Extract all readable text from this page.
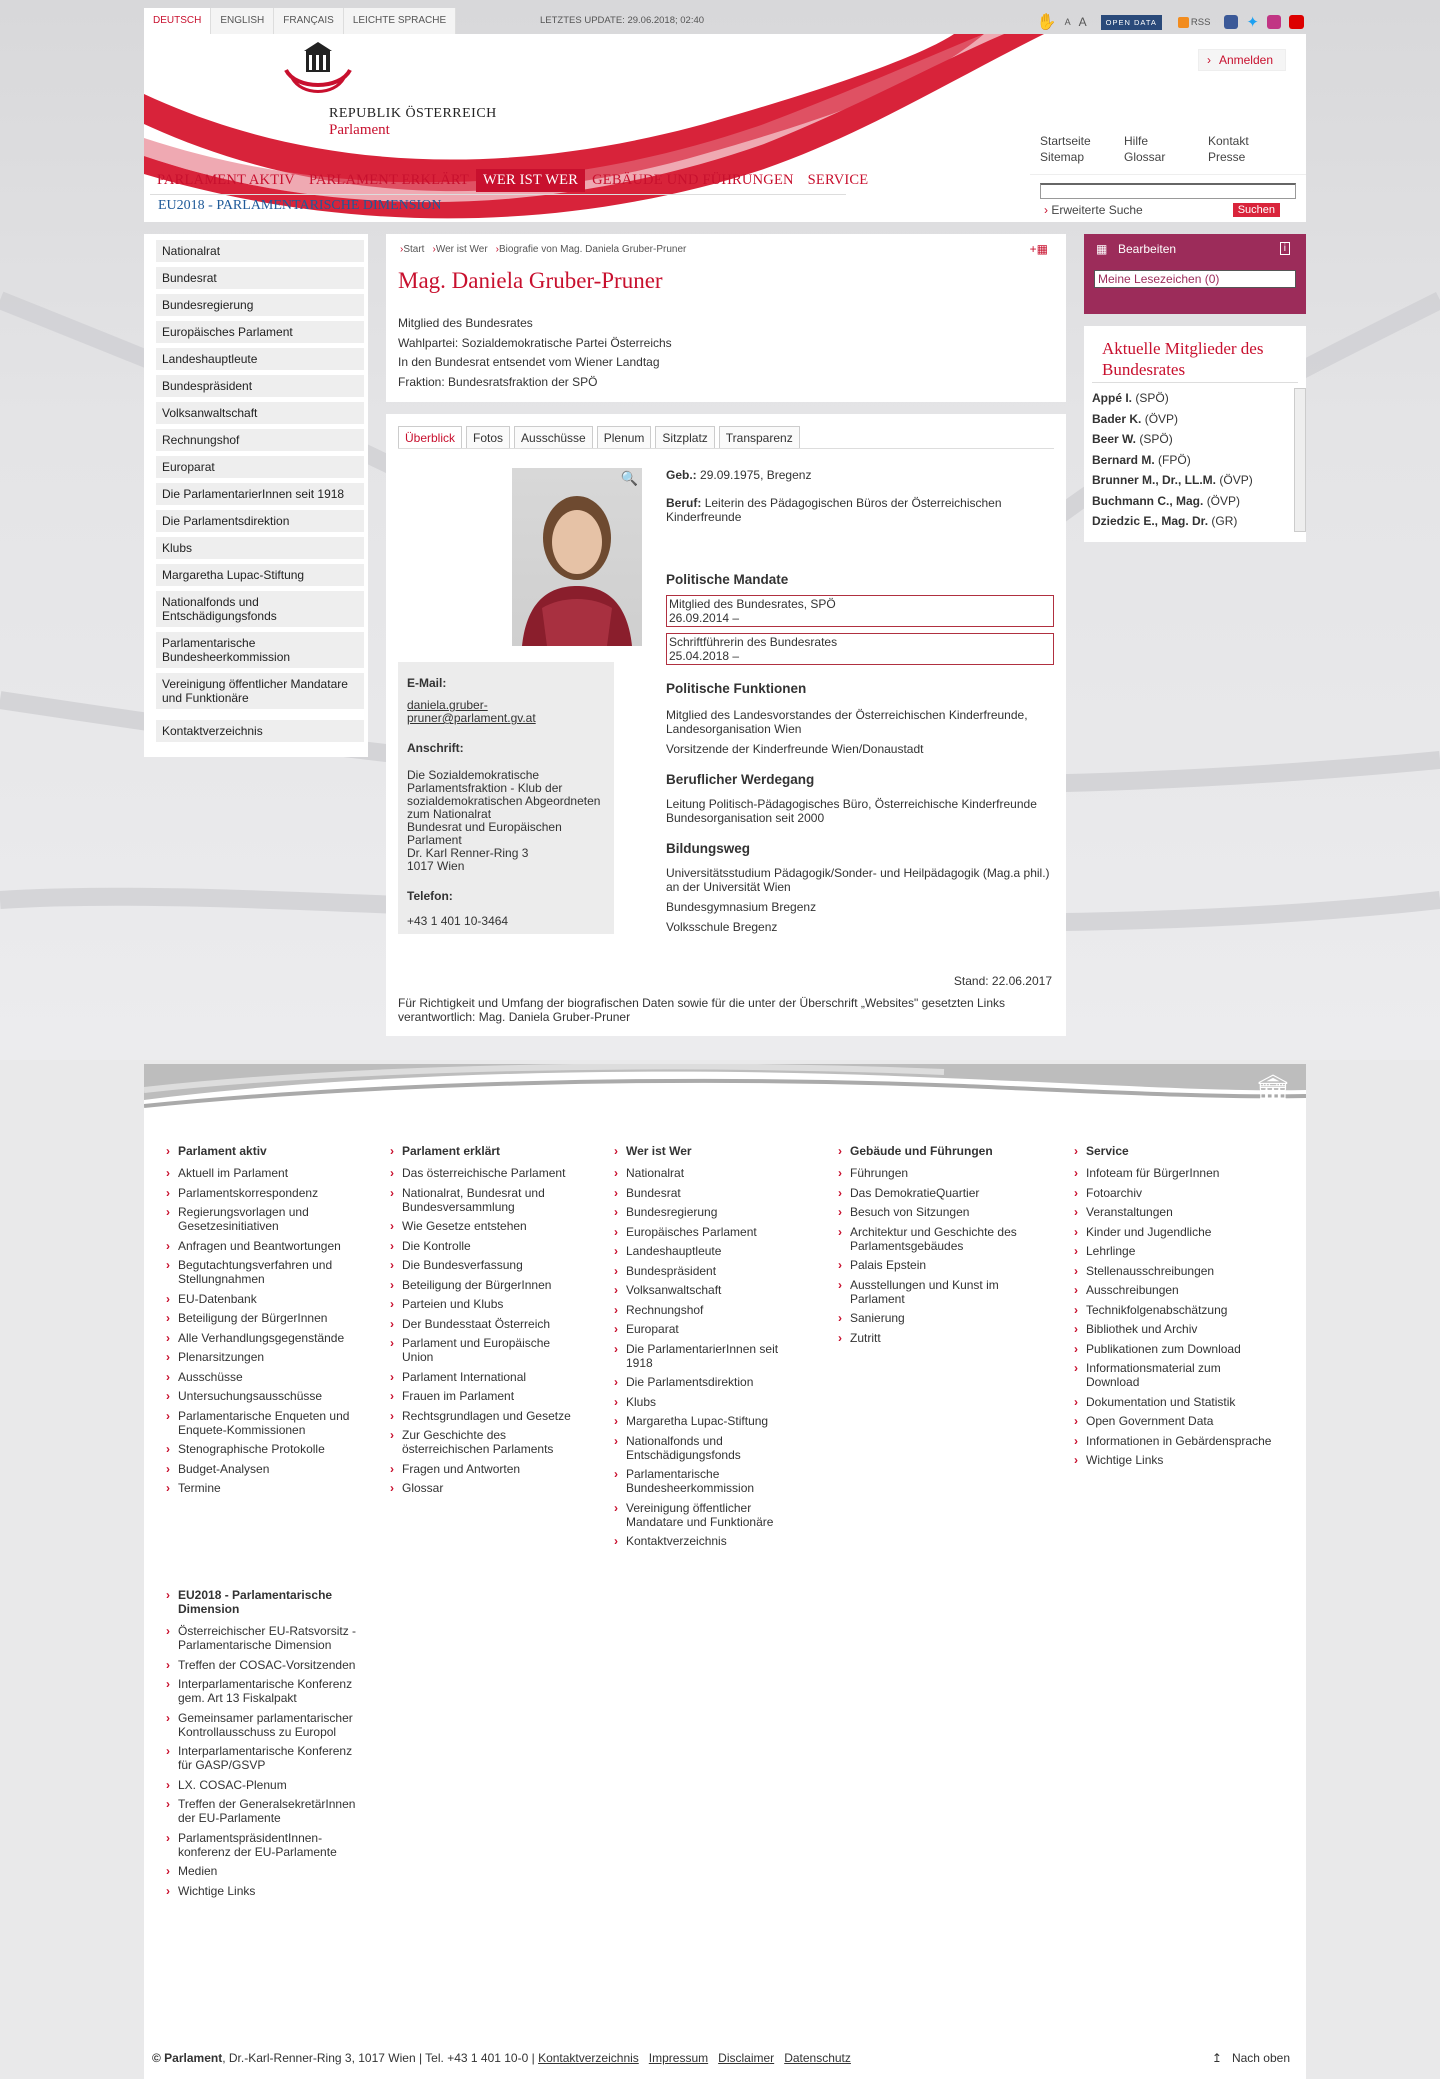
DEUTSCH	ENGLISH	FRANÇAIS	LEICHTE SPRACHE	LETZTES UPDATE: 29.06.2018; 02:40	✋ A A	OPEN DATA	RSS ✦
REPUBLIK ÖSTERREICH
Parlament
› Anmelden
Startseite	Hilfe	Kontakt
Sitemap	Glossar	Presse
PARLAMENT AKTIV PARLAMENT ERKLÄRT WER IST WER GEBÄUDE UND FÜHRUNGEN SERVICE
EU2018 - PARLAMENTARISCHE DIMENSION	› Erweiterte Suche	Suchen
Nationalrat
Bundesrat
Bundesregierung
Europäisches Parlament
Landeshauptleute
Bundespräsident
Volksanwaltschaft
Rechnungshof
Europarat
Die ParlamentarierInnen seit 1918
Die Parlamentsdirektion
Klubs
Margaretha Lupac-Stiftung
Nationalfonds und Entschädigungsfonds
Parlamentarische Bundesheerkommission
Vereinigung öffentlicher Mandatare und Funktionäre
Kontaktverzeichnis
› Start	› Wer ist Wer	› Biografie von Mag. Daniela Gruber-Pruner	+▦
Mag. Daniela Gruber-Pruner
Mitglied des Bundesrates
Wahlpartei: Sozialdemokratische Partei Österreichs
In den Bundesrat entsendet vom Wiener Landtag
Fraktion: Bundesratsfraktion der SPÖ
Überblick	Fotos	Ausschüsse	Plenum	Sitzplatz	Transparenz
🔍
E-Mail:
daniela.gruber-pruner@parlament.gv.at
Anschrift:
Die Sozialdemokratische Parlamentsfraktion - Klub der sozialdemokratischen Abgeordneten zum Nationalrat
Bundesrat und Europäischen Parlament
Dr. Karl Renner-Ring 3
1017 Wien
Telefon:
+43 1 401 10-3464
Geb.: 29.09.1975, Bregenz
Beruf: Leiterin des Pädagogischen Büros der Österreichischen Kinderfreunde
Politische Mandate
Mitglied des Bundesrates, SPÖ
26.09.2014 –
Schriftführerin des Bundesrates
25.04.2018 –
Politische Funktionen
Mitglied des Landesvorstandes der Österreichischen Kinderfreunde, Landesorganisation Wien
Vorsitzende der Kinderfreunde Wien/Donaustadt
Beruflicher Werdegang
Leitung Politisch-Pädagogisches Büro, Österreichische Kinderfreunde Bundesorganisation seit 2000
Bildungsweg
Universitätsstudium Pädagogik/Sonder- und Heilpädagogik (Mag.a phil.) an der Universität Wien
Bundesgymnasium Bregenz
Volksschule Bregenz
Stand: 22.06.2017
Für Richtigkeit und Umfang der biografischen Daten sowie für die unter der Überschrift „Websites" gesetzten Links verantwortlich: Mag. Daniela Gruber-Pruner
▦ Bearbeiten	i
Meine Lesezeichen (0)
Aktuelle Mitglieder des Bundesrates
Appé I. (SPÖ)
Bader K. (ÖVP)
Beer W. (SPÖ)
Bernard M. (FPÖ)
Brunner M., Dr., LL.M. (ÖVP)
Buchmann C., Mag. (ÖVP)
Dziedzic E., Mag. Dr. (GR)
🏛
› Parlament aktiv
› Aktuell im Parlament
› Parlamentskorrespondenz
› Regierungsvorlagen und Gesetzesinitiativen
› Anfragen und Beantwortungen
› Begutachtungsverfahren und Stellungnahmen
› EU-Datenbank
› Beteiligung der BürgerInnen
› Alle Verhandlungsgegenstände
› Plenarsitzungen
› Ausschüsse
› Untersuchungsausschüsse
› Parlamentarische Enqueten und Enquete-Kommissionen
› Stenographische Protokolle
› Budget-Analysen
› Termine
› Parlament erklärt
› Das österreichische Parlament
› Nationalrat, Bundesrat und Bundesversammlung
› Wie Gesetze entstehen
› Die Kontrolle
› Die Bundesverfassung
› Beteiligung der BürgerInnen
› Parteien und Klubs
› Der Bundesstaat Österreich
› Parlament und Europäische Union
› Parlament International
› Frauen im Parlament
› Rechtsgrundlagen und Gesetze
› Zur Geschichte des österreichischen Parlaments
› Fragen und Antworten
› Glossar
› Wer ist Wer
› Nationalrat
› Bundesrat
› Bundesregierung
› Europäisches Parlament
› Landeshauptleute
› Bundespräsident
› Volksanwaltschaft
› Rechnungshof
› Europarat
› Die ParlamentarierInnen seit 1918
› Die Parlamentsdirektion
› Klubs
› Margaretha Lupac-Stiftung
› Nationalfonds und Entschädigungsfonds
› Parlamentarische Bundesheerkommission
› Vereinigung öffentlicher Mandatare und Funktionäre
› Kontaktverzeichnis
› Gebäude und Führungen
› Führungen
› Das DemokratieQuartier
› Besuch von Sitzungen
› Architektur und Geschichte des Parlamentsgebäudes
› Palais Epstein
› Ausstellungen und Kunst im Parlament
› Sanierung
› Zutritt
› Service
› Infoteam für BürgerInnen
› Fotoarchiv
› Veranstaltungen
› Kinder und Jugendliche
› Lehrlinge
› Stellenausschreibungen
› Ausschreibungen
› Technikfolgenabschätzung
› Bibliothek und Archiv
› Publikationen zum Download
› Informationsmaterial zum Download
› Dokumentation und Statistik
› Open Government Data
› Informationen in Gebärdensprache
› Wichtige Links
› EU2018 - Parlamentarische Dimension
› Österreichischer EU-Ratsvorsitz - Parlamentarische Dimension
› Treffen der COSAC-Vorsitzenden
› Interparlamentarische Konferenz gem. Art 13 Fiskalpakt
› Gemeinsamer parlamentarischer Kontrollausschuss zu Europol
› Interparlamentarische Konferenz für GASP/GSVP
› LX. COSAC-Plenum
› Treffen der GeneralsekretärInnen der EU-Parlamente
› ParlamentspräsidentInnen-konferenz der EU-Parlamente
› Medien
› Wichtige Links
© Parlament, Dr.-Karl-Renner-Ring 3, 1017 Wien | Tel. +43 1 401 10-0 | Kontaktverzeichnis Impressum Disclaimer Datenschutz	↥ Nach oben
